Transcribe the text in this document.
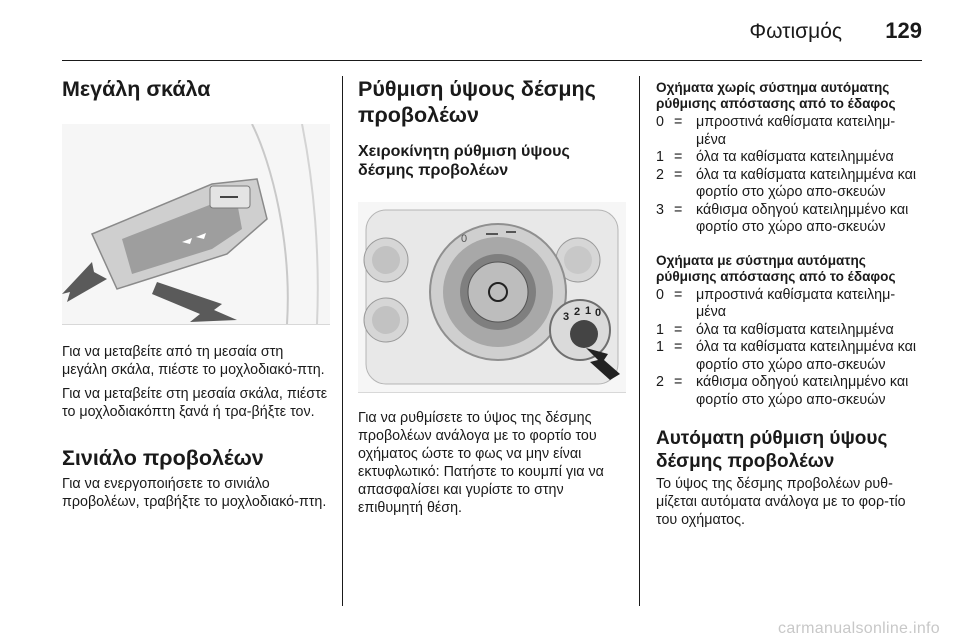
Φωτισμός 129
Μεγάλη σκάλα

Για να μεταβείτε από τη μεσαία στη μεγάλη σκάλα, πιέστε το μοχλοδιακό-πτη.

Για να μεταβείτε στη μεσαία σκάλα, πιέστε το μοχλοδιακόπτη ξανά ή τρα-βήξτε τον.

Σινιάλο προβολέων

Για να ενεργοποιήσετε το σινιάλο προβολέων, τραβήξτε το μοχλοδιακό-πτη.

Ρύθμιση ύψους δέσμης προβολέων
Χειροκίνητη ρύθμιση ύψους δέσμης προβολέων
0
3 2 1 0

Για να ρυθμίσετε το ύψος της δέσμης προβολέων ανάλογα με το φορτίο του οχήματος ώστε το φως να μην είναι εκτυφλωτικό: Πατήστε το κουμπί για να απασφαλίσει και γυρίστε το στην επιθυμητή θέση.

Οχήματα χωρίς σύστημα αυτόματης ρύθμισης απόστασης από το έδαφος
0 = μπροστινά καθίσματα κατειλημ-μένα
1 = όλα τα καθίσματα κατειλημμένα
2 = όλα τα καθίσματα κατειλημμένα και φορτίο στο χώρο απο-σκευών
3 = κάθισμα οδηγού κατειλημμένο και φορτίο στο χώρο απο-σκευών
Οχήματα με σύστημα αυτόματης ρύθμισης απόστασης από το έδαφος
0 = μπροστινά καθίσματα κατειλημ-μένα
1 = όλα τα καθίσματα κατειλημμένα
1 = όλα τα καθίσματα κατειλημμένα και φορτίο στο χώρο απο-σκευών
2 = κάθισμα οδηγού κατειλημμένο και φορτίο στο χώρο απο-σκευών
Αυτόματη ρύθμιση ύψους δέσμης προβολέων

Το ύψος της δέσμης προβολέων ρυθ-μίζεται αυτόματα ανάλογα με το φορ-τίο του οχήματος.

carmanualsonline.info
